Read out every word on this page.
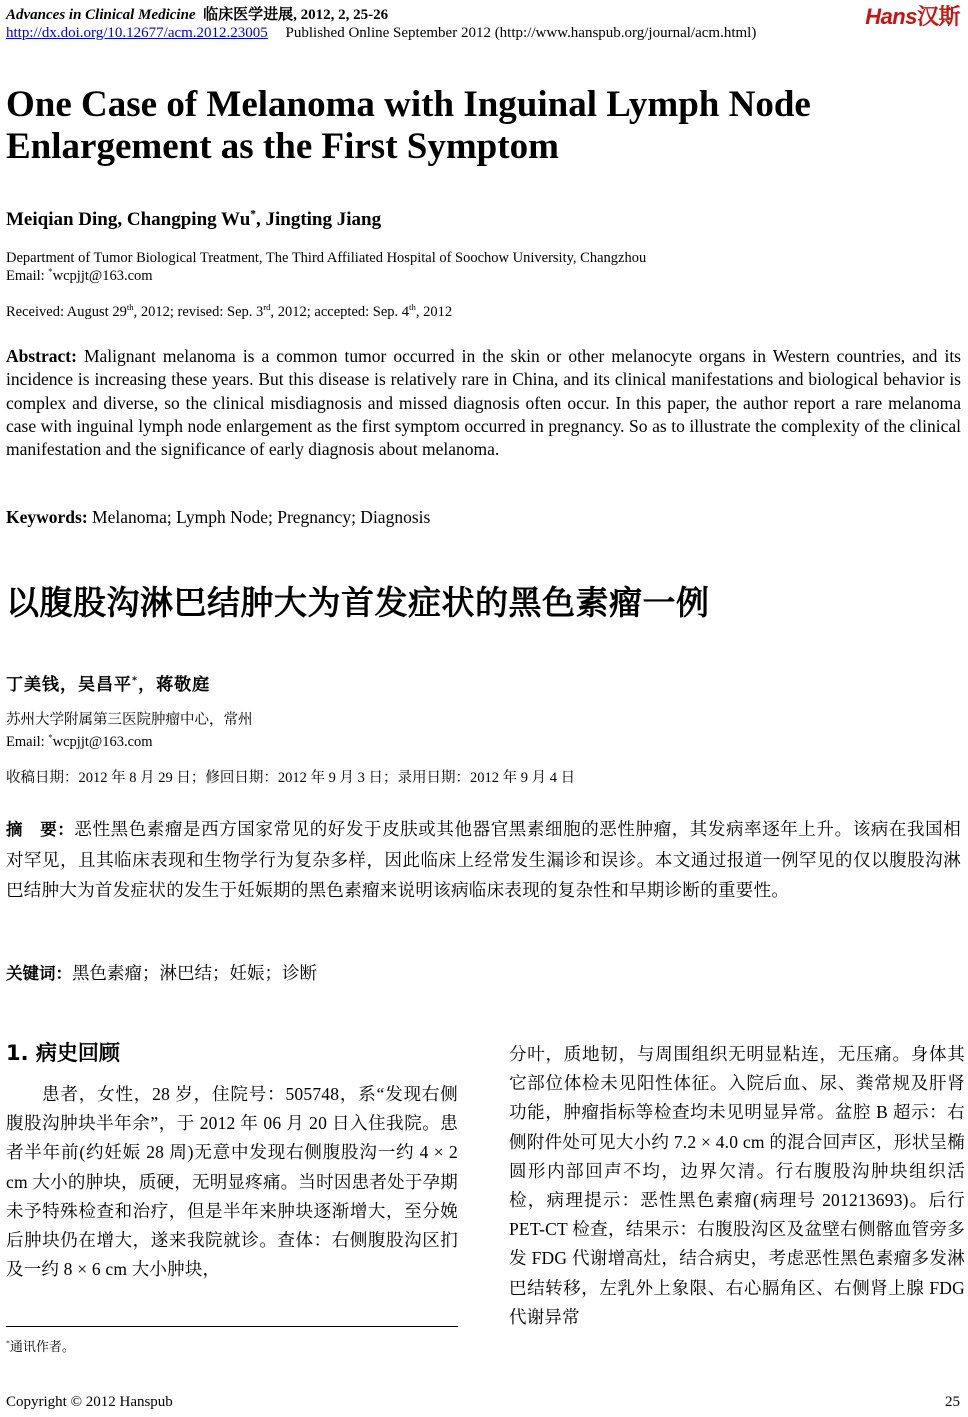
Advances in Clinical Medicine 临床医学进展, 2012, 2, 25-26
http://dx.doi.org/10.12677/acm.2012.23005 Published Online September 2012 (http://www.hanspub.org/journal/acm.html)
Hans汉斯
One Case of Melanoma with Inguinal Lymph Node
Enlargement as the First Symptom
Meiqian Ding, Changping Wu*, Jingting Jiang
Department of Tumor Biological Treatment, The Third Affiliated Hospital of Soochow University, Changzhou
Email: *wcpjjt@163.com
Received: August 29th, 2012; revised: Sep. 3rd, 2012; accepted: Sep. 4th, 2012
Abstract: Malignant melanoma is a common tumor occurred in the skin or other melanocyte organs in Western countries, and its incidence is increasing these years. But this disease is relatively rare in China, and its clinical manifestations and biological behavior is complex and diverse, so the clinical misdiagnosis and missed diagnosis often occur. In this paper, the author report a rare melanoma case with inguinal lymph node enlargement as the first symptom occurred in pregnancy. So as to illustrate the complexity of the clinical manifestation and the significance of early diagnosis about melanoma.
Keywords: Melanoma; Lymph Node; Pregnancy; Diagnosis
以腹股沟淋巴结肿大为首发症状的黑色素瘤一例
丁美钱，吴昌平*，蒋敬庭
苏州大学附属第三医院肿瘤中心，常州
Email: *wcpjjt@163.com
收稿日期：2012 年 8 月 29 日；修回日期：2012 年 9 月 3 日；录用日期：2012 年 9 月 4 日
摘　要：恶性黑色素瘤是西方国家常见的好发于皮肤或其他器官黑素细胞的恶性肿瘤，其发病率逐年上升。该病在我国相对罕见，且其临床表现和生物学行为复杂多样，因此临床上经常发生漏诊和误诊。本文通过报道一例罕见的仅以腹股沟淋巴结肿大为首发症状的发生于妊娠期的黑色素瘤来说明该病临床表现的复杂性和早期诊断的重要性。
关键词：黑色素瘤；淋巴结；妊娠；诊断
1. 病史回顾
患者，女性，28 岁，住院号：505748，系“发现右侧腹股沟肿块半年余”，于 2012 年 06 月 20 日入住我院。患者半年前(约妊娠 28 周)无意中发现右侧腹股沟一约 4 × 2 cm 大小的肿块，质硬，无明显疼痛。当时因患者处于孕期未予特殊检查和治疗，但是半年来肿块逐渐增大，至分娩后肿块仍在增大，遂来我院就诊。查体：右侧腹股沟区扪及一约 8 × 6 cm 大小肿块，
分叶，质地韧，与周围组织无明显粘连，无压痛。身体其它部位体检未见阳性体征。入院后血、尿、粪常规及肝肾功能，肿瘤指标等检查均未见明显异常。盆腔 B 超示：右侧附件处可见大小约 7.2 × 4.0 cm 的混合回声区，形状呈椭圆形内部回声不均，边界欠清。行右腹股沟肿块组织活检，病理提示：恶性黑色素瘤(病理号 201213693)。后行 PET-CT 检查，结果示：右腹股沟区及盆壁右侧髂血管旁多发 FDG 代谢增高灶，结合病史，考虑恶性黑色素瘤多发淋巴结转移，左乳外上象限、右心膈角区、右侧肾上腺 FDG 代谢异常
*通讯作者。
Copyright © 2012 Hanspub	25
